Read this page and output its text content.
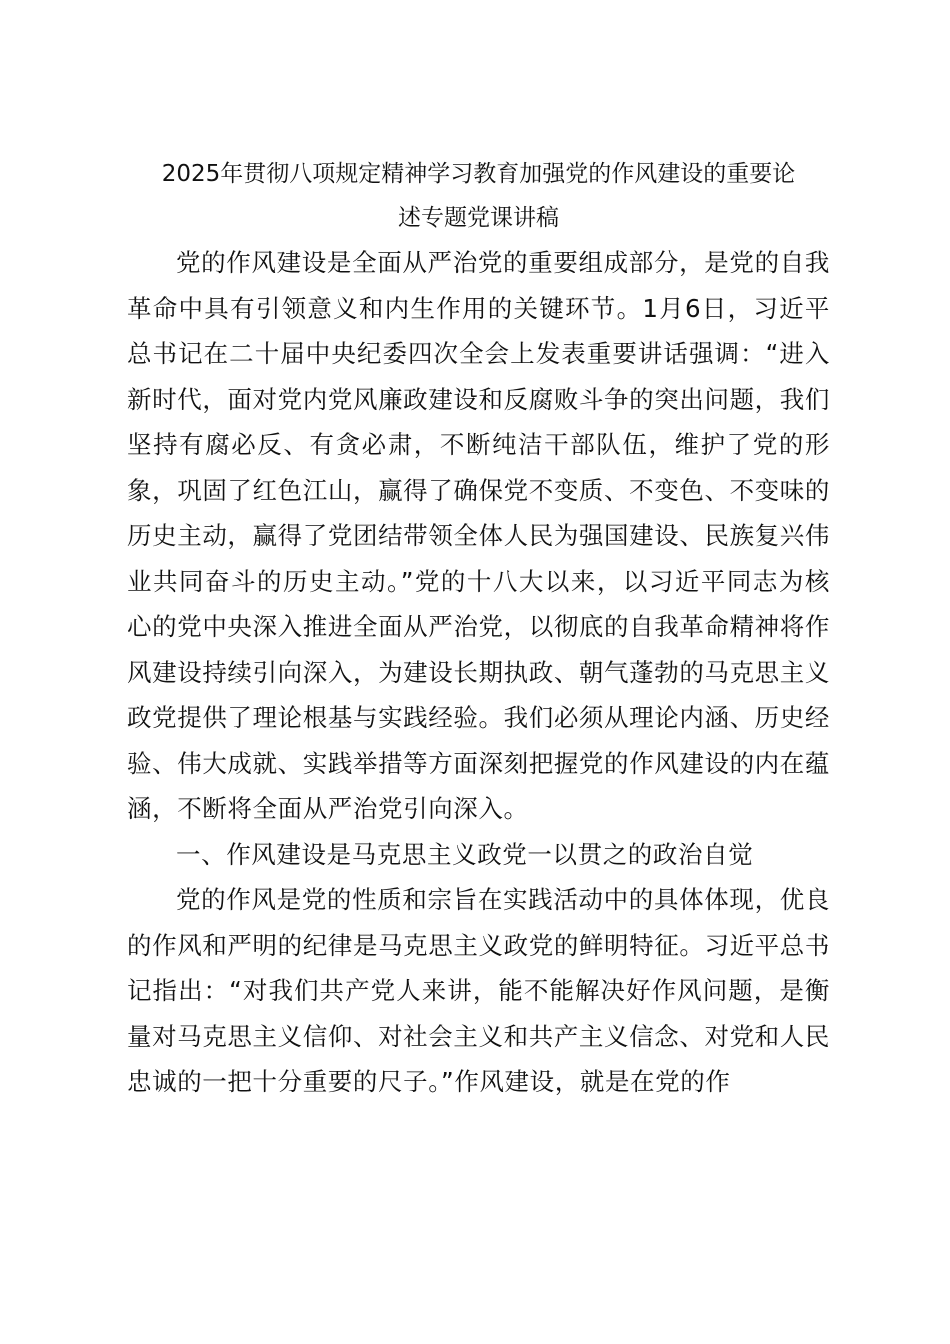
2025年贯彻八项规定精神学习教育加强党的作风建设的重要论
述专题党课讲稿

党的作风建设是全面从严治党的重要组成部分，是党的自我革命中具有引领意义和内生作用的关键环节。1月6日，习近平总书记在二十届中央纪委四次全会上发表重要讲话强调：“进入新时代，面对党内党风廉政建设和反腐败斗争的突出问题，我们坚持有腐必反、有贪必肃，不断纯洁干部队伍，维护了党的形象，巩固了红色江山，赢得了确保党不变质、不变色、不变味的历史主动，赢得了党团结带领全体人民为强国建设、民族复兴伟业共同奋斗的历史主动。”党的十八大以来，以习近平同志为核心的党中央深入推进全面从严治党，以彻底的自我革命精神将作风建设持续引向深入，为建设长期执政、朝气蓬勃的马克思主义政党提供了理论根基与实践经验。我们必须从理论内涵、历史经验、伟大成就、实践举措等方面深刻把握党的作风建设的内在蕴涵，不断将全面从严治党引向深入。

一、作风建设是马克思主义政党一以贯之的政治自觉

党的作风是党的性质和宗旨在实践活动中的具体体现，优良的作风和严明的纪律是马克思主义政党的鲜明特征。习近平总书记指出：“对我们共产党人来讲，能不能解决好作风问题，是衡量对马克思主义信仰、对社会主义和共产主义信念、对党和人民忠诚的一把十分重要的尺子。”作风建设，就是在党的作
